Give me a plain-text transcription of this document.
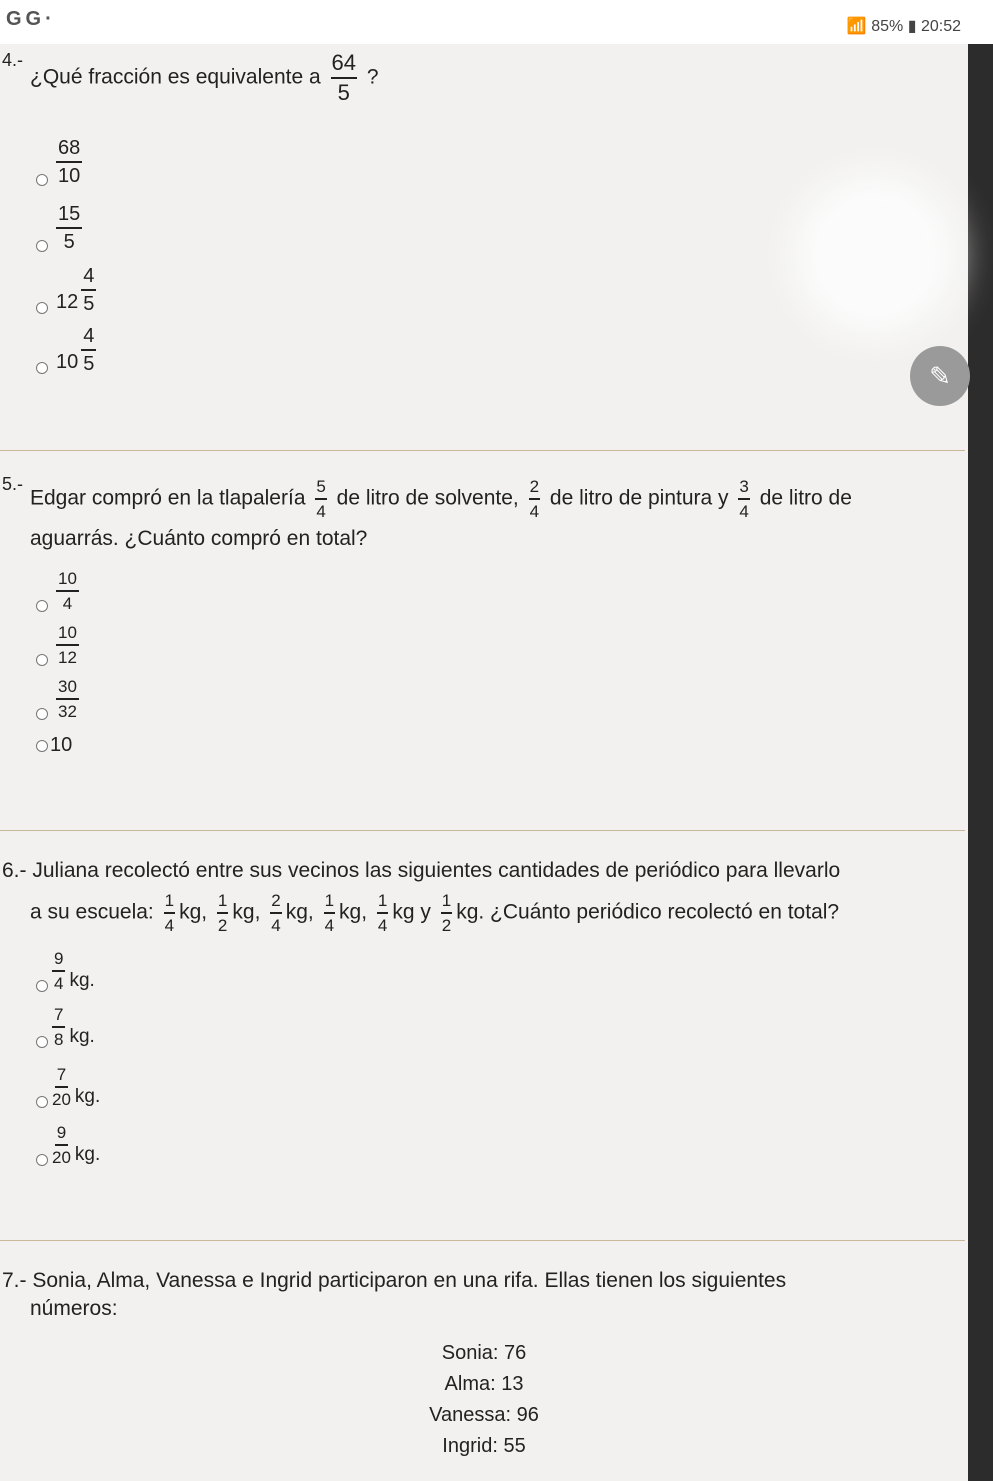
GG·	📶 85% ▮ 20:52
4.-
¿Qué fracción es equivalente a $\frac{64}{5}$ ?
$\frac{68}{10}$
$\frac{15}{5}$
$12 \frac{4}{5}$
$10 \frac{4}{5}$
✎
5.-
Edgar compró en la tlapalería $\frac{5}{4}$ de litro de solvente, $\frac{2}{4}$ de litro de pintura y $\frac{3}{4}$ de litro de
aguarrás. ¿Cuánto compró en total?
$\frac{10}{4}$
$\frac{10}{12}$
$\frac{30}{32}$
10
6.- Juliana recolectó entre sus vecinos las siguientes cantidades de periódico para llevarlo
a su escuela: $\frac{1}{4}$ kg, $\frac{1}{2}$ kg, $\frac{2}{4}$ kg, $\frac{1}{4}$ kg, $\frac{1}{4}$ kg y $\frac{1}{2}$ kg. ¿Cuánto periódico recolectó en total?
$\frac{9}{4}$ kg.
$\frac{7}{8}$ kg.
$\frac{7}{20}$ kg.
$\frac{9}{20}$ kg.
7.- Sonia, Alma, Vanessa e Ingrid participaron en una rifa. Ellas tienen los siguientes
números:
Sonia: 76
Alma: 13
Vanessa: 96
Ingrid: 55
